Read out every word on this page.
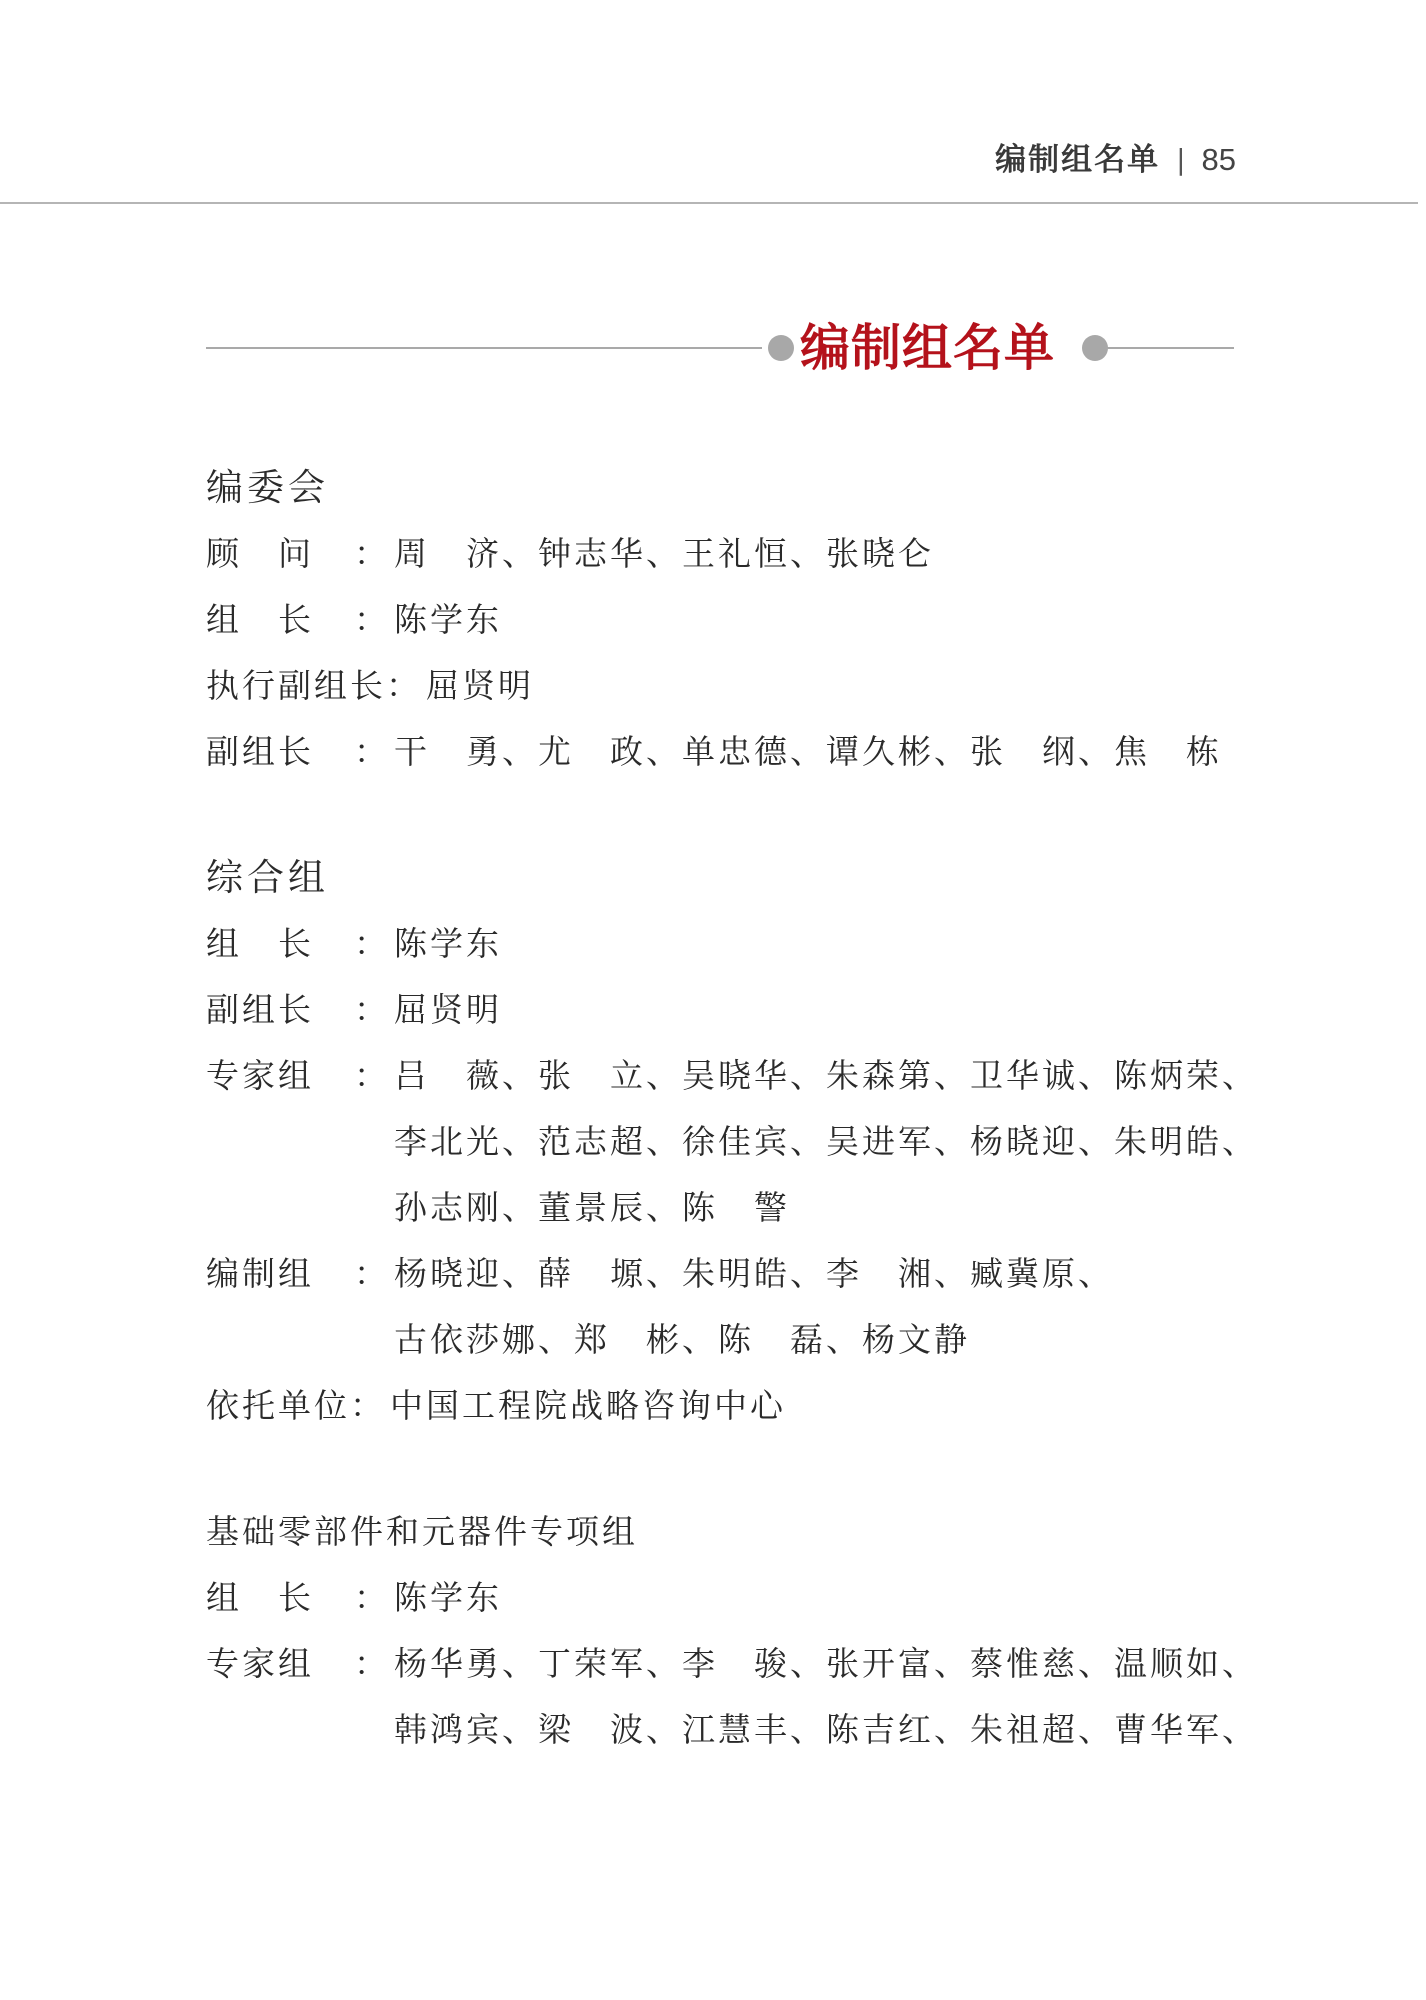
编制组名单 | 85
编制组名单
编委会
顾　问	： 周　济、钟志华、王礼恒、张晓仑
组　长	： 陈学东
执行副组长 ： 屈贤明
副组长	： 干　勇、尤　政、单忠德、谭久彬、张　纲、焦　栋
综合组
组　长	： 陈学东
副组长	： 屈贤明
专家组	： 吕　薇、张　立、吴晓华、朱森第、卫华诚、陈炳荣、
李北光、范志超、徐佳宾、吴进军、杨晓迎、朱明皓、
孙志刚、董景辰、陈　警
编制组	： 杨晓迎、薛　塬、朱明皓、李　湘、臧冀原、
古依莎娜、郑　彬、陈　磊、杨文静
依托单位 ： 中国工程院战略咨询中心
基础零部件和元器件专项组
组　长	： 陈学东
专家组	： 杨华勇、丁荣军、李　骏、张开富、蔡惟慈、温顺如、
韩鸿宾、梁　波、江慧丰、陈吉红、朱祖超、曹华军、
